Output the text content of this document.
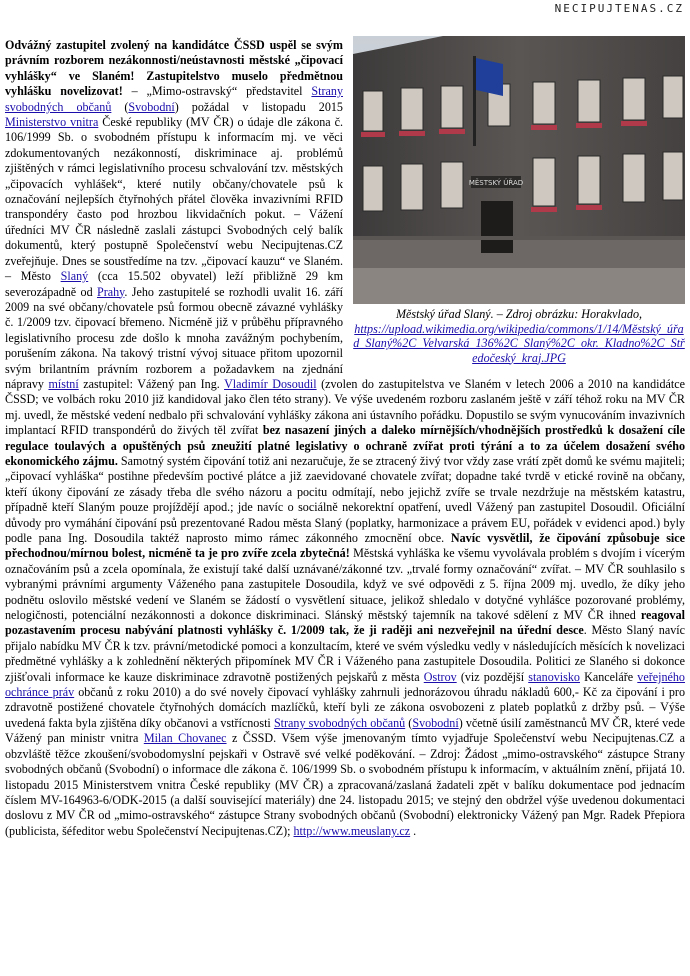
NECIPUJTENAS.CZ
MĚSTSKÝ ÚŘAD
Městský úřad Slaný. – Zdroj obrázku: Horakvlado,
https://upload.wikimedia.org/wikipedia/commons/1/14/Městský_úřad_Slaný%2C_Velvarská_136%2C_Slaný%2C_okr._Kladno%2C_Středočeský_kraj.JPG

Odvážný zastupitel zvolený na kandidátce ČSSD uspěl se svým právním rozborem nezákonnosti/neústavnosti městské „čipovací vyhlášky“ ve Slaném! Zastupitelstvo muselo předmětnou vyhlášku novelizovat! – „Mimo-ostravský“ představitel Strany svobodných občanů (Svobodní) požádal v listopadu 2015 Ministerstvo vnitra České republiky (MV ČR) o údaje dle zákona č. 106/1999 Sb. o svobodném přístupu k informacím mj. ve věci zdokumentovaných nezákonností, diskriminace aj. problémů zjištěných v rámci legislativního procesu schvalování tzv. městských „čipovacích vyhlášek“, které nutily občany/chovatele psů k označování nejlepších čtyřnohých přátel člověka invazivními RFID transpondéry často pod hrozbou likvidačních pokut. – Vážení úředníci MV ČR následně zaslali zástupci Svobodných celý balík dokumentů, který postupně Společenství webu Necipujtenas.CZ zveřejňuje. Dnes se soustředíme na tzv. „čipovací kauzu“ ve Slaném. – Město Slaný (cca 15.502 obyvatel) leží přibližně 29 km severozápadně od Prahy. Jeho zastupitelé se rozhodli uvalit 16. září 2009 na své občany/chovatele psů formou obecně závazné vyhlášky č. 1/2009 tzv. čipovací břemeno. Nicméně již v průběhu přípravného legislativního procesu zde došlo k mnoha zavážným pochybením, porušením zákona. Na takový tristní vývoj situace přitom upozornil svým brilantním právním rozborem a požadavkem na zjednání nápravy místní zastupitel: Vážený pan Ing. Vladimír Dosoudil (zvolen do zastupitelstva ve Slaném v letech 2006 a 2010 na kandidátce ČSSD; ve volbách roku 2010 již kandidoval jako člen této strany). Ve výše uvedeném rozboru zaslaném ještě v září téhož roku na MV ČR mj. uvedl, že městské vedení nedbalo při schvalování vyhlášky zákona ani ústavního pořádku. Dopustilo se svým vynucováním invazivních implantací RFID transpondérů do živých těl zvířat bez nasazení jiných a daleko mírnějších/vhodnějších prostředků k dosažení cíle regulace toulavých a opuštěných psů zneužití platné legislativy o ochraně zvířat proti týrání a to za účelem dosažení svého ekonomického zájmu. Samotný systém čipování totiž ani nezaručuje, že se ztracený živý tvor vždy zase vrátí zpět domů ke svému majiteli; „čipovací vyhláška“ postihne především poctivé plátce a již zaevidované chovatele zvířat; dopadne také tvrdě v etické rovině na občany, kteří úkony čipování ze zásady třeba dle svého názoru a pocitu odmítají, nebo jejichž zvíře se trvale nezdržuje na městském katastru, případně kteří Slaným pouze projíždějí apod.; jde navíc o sociálně nekorektní opatření, uvedl Vážený pan zastupitel Dosoudil. Oficiální důvody pro vymáhání čipování psů prezentované Radou města Slaný (poplatky, harmonizace a právem EU, pořádek v evidenci apod.) byly podle pana Ing. Dosoudila taktéž naprosto mimo rámec zákonného zmocnění obce. Navíc vysvětlil, že čipování způsobuje sice přechodnou/mírnou bolest, nicméně ta je pro zvíře zcela zbytečná! Městská vyhláška ke všemu vyvolávala problém s dvojím i vícerým označováním psů a zcela opomínala, že existují také další uznávané/zákonné tzv. „trvalé formy označování“ zvířat. – MV ČR souhlasilo s vybranými právními argumenty Váženého pana zastupitele Dosoudila, když ve své odpovědi z 5. října 2009 mj. uvedlo, že díky jeho podnětu oslovilo městské vedení ve Slaném se žádostí o vysvětlení situace, jelikož shledalo v dotyčné vyhlášce pozorované problémy, nelogičnosti, potenciální nezákonnosti a dokonce diskriminaci. Slánský městský tajemník na takové sdělení z MV ČR ihned reagoval pozastavením procesu nabývání platnosti vyhlášky č. 1/2009 tak, že ji raději ani nezveřejnil na úřední desce. Město Slaný navíc přijalo nabídku MV ČR k tzv. právní/metodické pomoci a konzultacím, které ve svém výsledku vedly v následujících měsících k novelizaci předmětné vyhlášky a k zohlednění některých připomínek MV ČR i Váženého pana zastupitele Dosoudila. Politici ze Slaného si dokonce zjišťovali informace ke kauze diskriminace zdravotně postižených pejskařů z města Ostrov (viz pozdější stanovisko Kanceláře veřejného ochránce práv občanů z roku 2010) a do své novely čipovací vyhlášky zahrnuli jednorázovou úhradu nákladů 600,- Kč za čipování i pro zdravotně postižené chovatele čtyřnohých domácích mazlíčků, kteří byli ze zákona osvobozeni z plateb poplatků z držby psů. – Výše uvedená fakta byla zjištěna díky občanovi a vstřícnosti Strany svobodných občanů (Svobodní) včetně úsilí zaměstnanců MV ČR, které vede Vážený pan ministr vnitra Milan Chovanec z ČSSD. Všem výše jmenovaným tímto vyjadřuje Společenství webu Necipujtenas.CZ a obzvláště těžce zkoušení/svobodomyslní pejskaři v Ostravě své velké poděkování. – Zdroj: Žádost „mimo-ostravského“ zástupce Strany svobodných občanů (Svobodní) o informace dle zákona č. 106/1999 Sb. o svobodném přístupu k informacím, v aktuálním znění, přijatá 10. listopadu 2015 Ministerstvem vnitra České republiky (MV ČR) a zpracovaná/zaslaná žadateli zpět v balíku dokumentace pod jednacím číslem MV-164963-6/ODK-2015 (a další související materiály) dne 24. listopadu 2015; ve stejný den obdržel výše uvedenou dokumentaci doslovu z MV ČR od „mimo-ostravského“ zástupce Strany svobodných občanů (Svobodní) elektronicky Vážený pan Mgr. Radek Přepiora (publicista, šéfeditor webu Společenství Necipujtenas.CZ); http://www.meuslany.cz .
